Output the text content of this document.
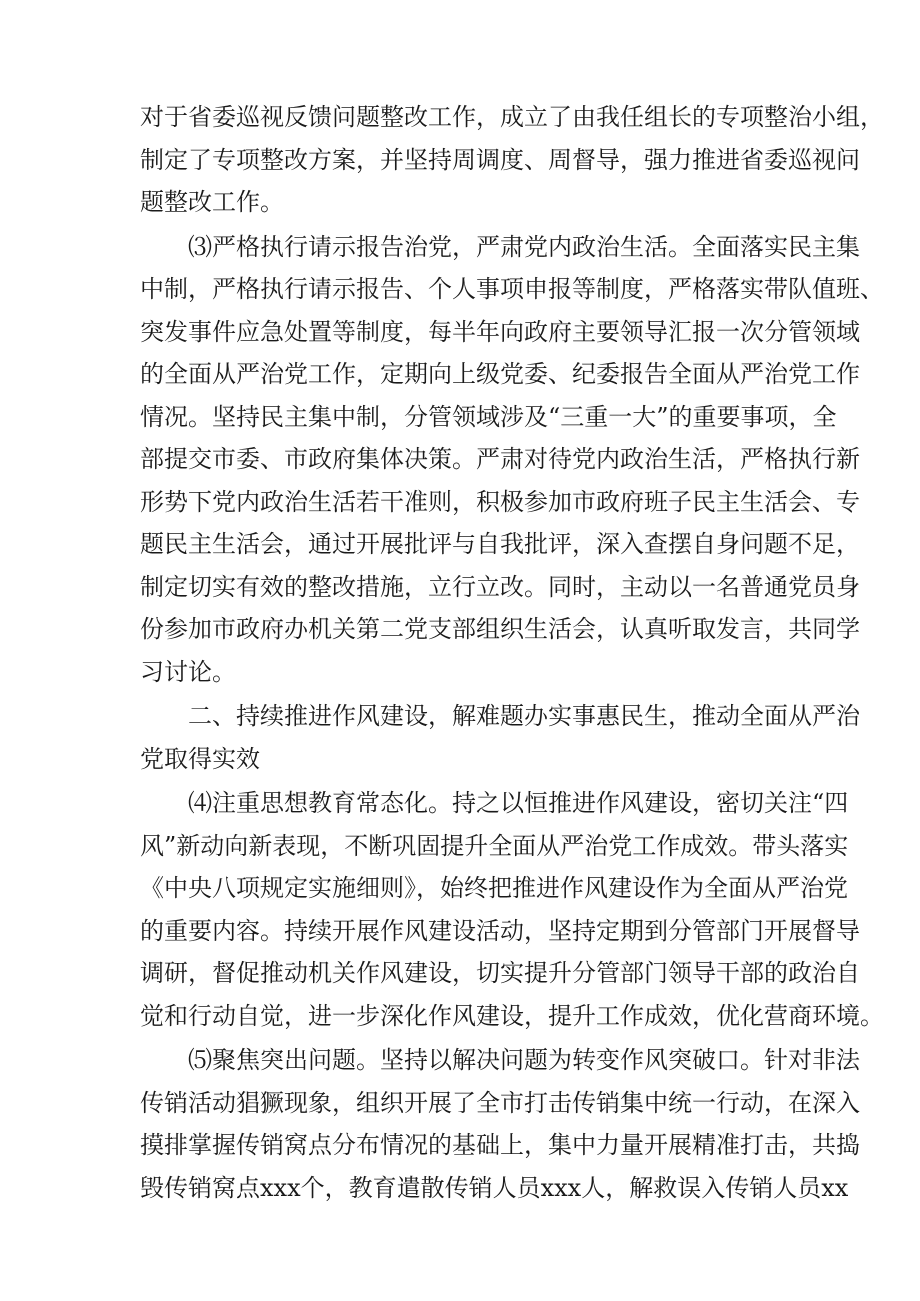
对于省委巡视反馈问题整改工作，成立了由我任组长的专项整治小组，

制定了专项整改方案，并坚持周调度、周督导，强力推进省委巡视问

题整改工作。

⑶严格执行请示报告治党，严肃党内政治生活。全面落实民主集

中制，严格执行请示报告、个人事项申报等制度，严格落实带队值班、

突发事件应急处置等制度，每半年向政府主要领导汇报一次分管领域

的全面从严治党工作，定期向上级党委、纪委报告全面从严治党工作

情况。坚持民主集中制，分管领域涉及“三重一大”的重要事项，全

部提交市委、市政府集体决策。严肃对待党内政治生活，严格执行新

形势下党内政治生活若干准则，积极参加市政府班子民主生活会、专

题民主生活会，通过开展批评与自我批评，深入查摆自身问题不足，

制定切实有效的整改措施，立行立改。同时，主动以一名普通党员身

份参加市政府办机关第二党支部组织生活会，认真听取发言，共同学

习讨论。

二、持续推进作风建设，解难题办实事惠民生，推动全面从严治

党取得实效

⑷注重思想教育常态化。持之以恒推进作风建设，密切关注“四

风”新动向新表现，不断巩固提升全面从严治党工作成效。带头落实

《中央八项规定实施细则》，始终把推进作风建设作为全面从严治党

的重要内容。持续开展作风建设活动，坚持定期到分管部门开展督导

调研，督促推动机关作风建设，切实提升分管部门领导干部的政治自

觉和行动自觉，进一步深化作风建设，提升工作成效，优化营商环境。

⑸聚焦突出问题。坚持以解决问题为转变作风突破口。针对非法

传销活动猖獗现象，组织开展了全市打击传销集中统一行动，在深入

摸排掌握传销窝点分布情况的基础上，集中力量开展精准打击，共捣

毁传销窝点xxx个，教育遣散传销人员xxx人，解救误入传销人员xx
